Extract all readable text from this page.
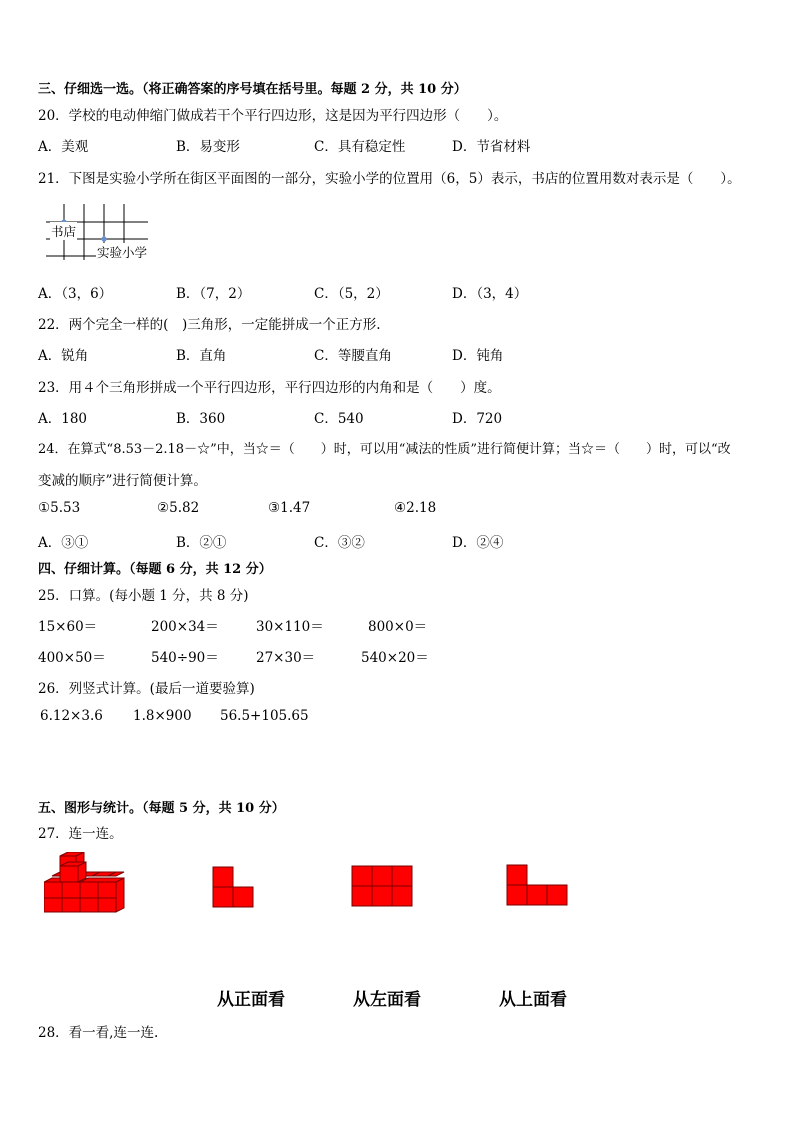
三、仔细选一选。（将正确答案的序号填在括号里。每题 2 分，共 10 分）
20．学校的电动伸缩门做成若干个平行四边形，这是因为平行四边形（　　）。
A．美观	B．易变形	C．具有稳定性	D．节省材料
21．下图是实验小学所在街区平面图的一部分，实验小学的位置用（6，5）表示，书店的位置用数对表示是（　　）。
书店
实验小学
A．（3，6）	B．（7，2）	C．（5，2）	D．（3，4）
22．两个完全一样的(　)三角形，一定能拼成一个正方形.
A．锐角	B．直角	C．等腰直角	D．钝角
23．用４个三角形拼成一个平行四边形，平行四边形的内角和是（　　）度。
A．180	B．360	C．540	D．720
24．在算式“8.53－2.18－☆”中，当☆＝（　　）时，可以用“减法的性质”进行简便计算；当☆＝（　　）时，可以“改
变减的顺序”进行简便计算。
①5.53	②5.82	③1.47	④2.18
A．③①	B．②①	C．③②	D．②④
四、仔细计算。（每题 6 分，共 12 分）
25．口算。(每小题 1 分，共 8 分)
15×60＝	200×34＝	30×110＝	800×0＝
400×50＝	540÷90＝	27×30＝	540×20＝
26．列竖式计算。(最后一道要验算)
6.12×3.6 1.8×900 56.5+105.65
五、图形与统计。（每题 5 分，共 10 分）
27．连一连。
从正面看	从左面看	从上面看
28．看一看,连一连.
